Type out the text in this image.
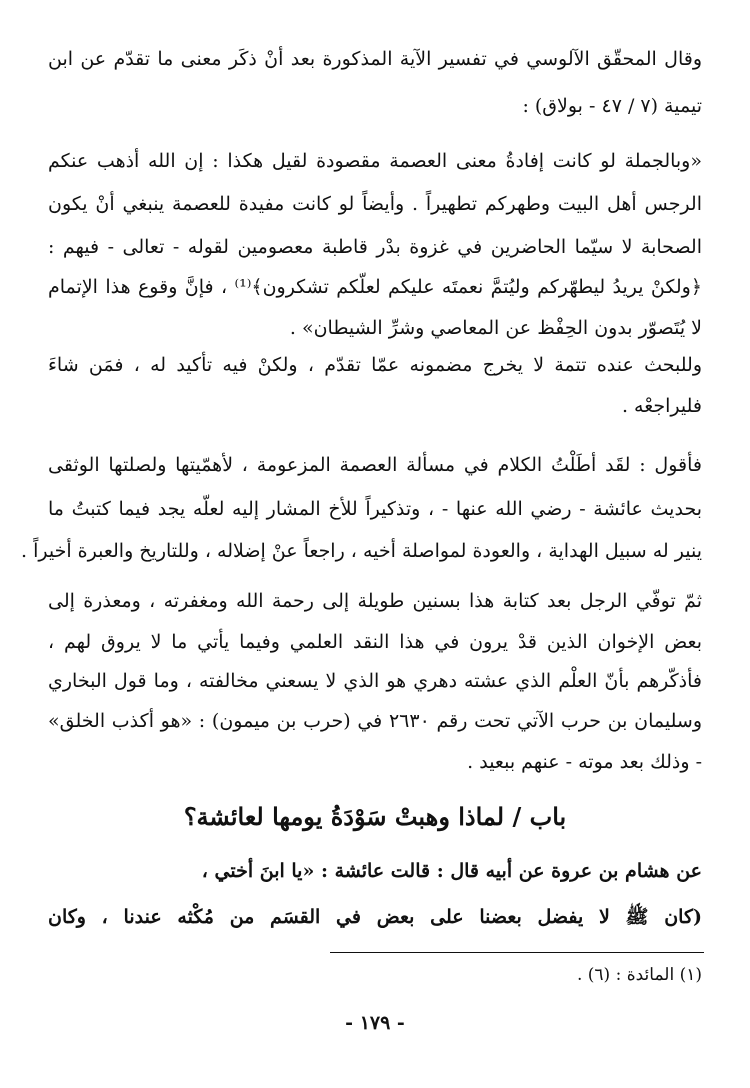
وقال المحقّق الآلوسي في تفسير الآية المذكورة بعد أنْ ذكَر معنى ما تقدّم عن ابن
تيمية (٧ / ٤٧ - بولاق) :
«وبالجملة لو كانت إفادةُ معنى العصمة مقصودة لقيل هكذا : إن الله أذهب عنكم
الرجس أهل البيت وطهركم تطهيراً . وأيضاً لو كانت مفيدة للعصمة ينبغي أنْ يكون
الصحابة لا سيّما الحاضرين في غزوة بدْر قاطبة معصومين لقوله - تعالى - فيهم :
﴿ولكنْ يريدُ ليطهّركم وليُتمَّ نعمتَه عليكم لعلّكم تشكرون﴾⁽¹⁾ ، فإنَّ وقوع هذا الإتمام
لا يُتَصوّر بدون الحِفْظ عن المعاصي وشرِّ الشيطان» .
وللبحث عنده تتمة لا يخرج مضمونه عمّا تقدّم ، ولكنْ فيه تأكيد له ، فمَن شاءَ
فليراجعْه .
فأقول : لقَد أطَلْتُ الكلام في مسألة العصمة المزعومة ، لأهمّيتها ولصلتها الوثقى
بحديث عائشة - رضي الله عنها - ، وتذكيراً للأخ المشار إليه لعلّه يجد فيما كتبتُ ما
ينير له سبيل الهداية ، والعودة لمواصلة أخيه ، راجعاً عنْ إضلاله ، وللتاريخ والعبرة أخيراً .
ثمّ توفّي الرجل بعد كتابة هذا بسنين طويلة إلى رحمة الله ومغفرته ، ومعذرة إلى
بعض الإخوان الذين قدْ يرون في هذا النقد العلمي وفيما يأتي ما لا يروق لهم ،
فأذكّرهم بأنّ العلْم الذي عشته دهري هو الذي لا يسعني مخالفته ، وما قول البخاري
وسليمان بن حرب الآتي تحت رقم ٢٦٣٠ في (حرب بن ميمون) : «هو أكذب الخلق»
- وذلك بعد موته - عنهم ببعيد .
باب / لماذا وهبتْ سَوْدَةُ يومها لعائشة؟
عن هشام بن عروة عن أبيه قال : قالت عائشة : «يا ابنَ أختي ،
(كان ﷺ لا يفضل بعضنا على بعض في القسَم من مُكْثه عندنا ، وكان
(١) المائدة : (٦) .
- ١٧٩ -
